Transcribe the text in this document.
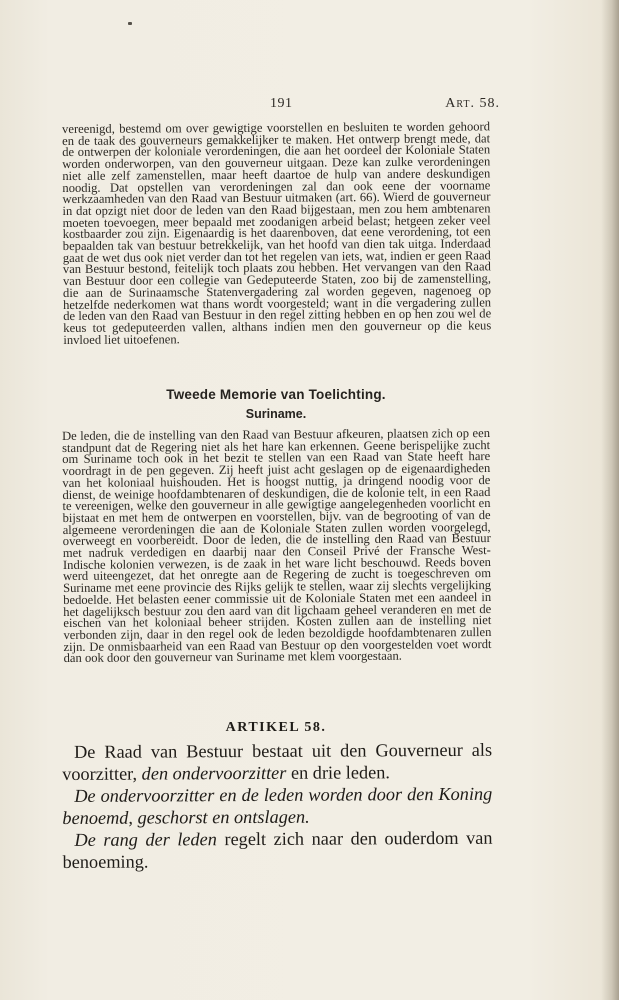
191	Art. 58.

vereenigd, bestemd om over gewigtige voorstellen en besluiten te worden gehoord en de taak des gouverneurs gemakkelijker te maken. Het ontwerp brengt mede, dat de ontwerpen der koloniale verordeningen, die aan het oordeel der Koloniale Staten worden onderworpen, van den gouverneur uitgaan. Deze kan zulke verordeningen niet alle zelf zamenstellen, maar heeft daartoe de hulp van andere deskundigen noodig. Dat opstellen van verordeningen zal dan ook eene der voorname werkzaamheden van den Raad van Bestuur uitmaken (art. 66). Wierd de gouverneur in dat opzigt niet door de leden van den Raad bijgestaan, men zou hem ambtenaren moeten toevoegen, meer bepaald met zoodanigen arbeid belast; hetgeen zeker veel kostbaarder zou zijn. Eigenaardig is het daarenboven, dat eene verordening, tot een bepaalden tak van bestuur betrekkelijk, van het hoofd van dien tak uitga. Inderdaad gaat de wet dus ook niet verder dan tot het regelen van iets, wat, indien er geen Raad van Bestuur bestond, feitelijk toch plaats zou hebben. Het vervangen van den Raad van Bestuur door een collegie van Gedeputeerde Staten, zoo bij de zamenstelling, die aan de Surinaamsche Statenvergadering zal worden gegeven, nagenoeg op hetzelfde nederkomen wat thans wordt voorgesteld; want in die vergadering zullen de leden van den Raad van Bestuur in den regel zitting hebben en op hen zou wel de keus tot gedeputeerden vallen, althans indien men den gouverneur op die keus invloed liet uitoefenen.

Tweede Memorie van Toelichting.
Suriname.

De leden, die de instelling van den Raad van Bestuur afkeuren, plaatsen zich op een standpunt dat de Regering niet als het hare kan erkennen. Geene berispelijke zucht om Suriname toch ook in het bezit te stellen van een Raad van State heeft hare voordragt in de pen gegeven. Zij heeft juist acht geslagen op de eigenaardigheden van het koloniaal huishouden. Het is hoogst nuttig, ja dringend noodig voor de dienst, de weinige hoofdambtenaren of deskundigen, die de kolonie telt, in een Raad te vereenigen, welke den gouverneur in alle gewigtige aangelegenheden voorlicht en bijstaat en met hem de ontwerpen en voorstellen, bijv. van de begrooting of van de algemeene verordeningen die aan de Koloniale Staten zullen worden voorgelegd, overweegt en voorbereidt. Door de leden, die de instelling den Raad van Bestuur met nadruk verdedigen en daarbij naar den Conseil Privé der Fransche West-Indische kolonien verwezen, is de zaak in het ware licht beschouwd. Reeds boven werd uiteengezet, dat het onregte aan de Regering de zucht is toegeschreven om Suriname met eene provincie des Rijks gelijk te stellen, waar zij slechts vergelijking bedoelde. Het belasten eener commissie uit de Koloniale Staten met een aandeel in het dagelijksch bestuur zou den aard van dit ligchaam geheel veranderen en met de eischen van het koloniaal beheer strijden. Kosten zullen aan de instelling niet verbonden zijn, daar in den regel ook de leden bezoldigde hoofdambtenaren zullen zijn. De onmisbaarheid van een Raad van Bestuur op den voorgestelden voet wordt dan ook door den gouverneur van Suriname met klem voorgestaan.

ARTIKEL 58.

De Raad van Bestuur bestaat uit den Gouverneur als voorzitter, den ondervoorzitter en drie leden.

De ondervoorzitter en de leden worden door den Koning benoemd, geschorst en ontslagen.

De rang der leden regelt zich naar den ouderdom van benoeming.
